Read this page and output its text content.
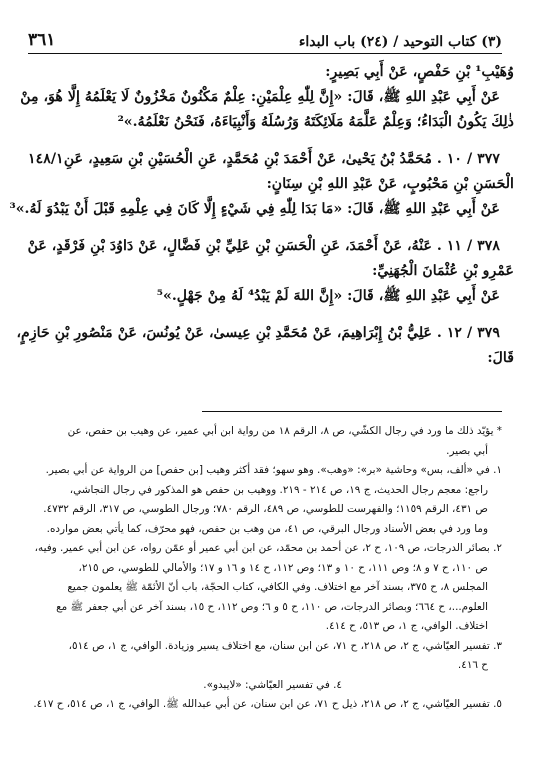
(٣) كتاب التوحيد / (٢٤) باب البداء
٣٦١
وُهَيْبِ¹ بْنِ حَفْصٍ، عَنْ أَبِي بَصِيرٍ:
عَنْ أَبِي عَبْدِ اللهِ ﷺ، قَالَ: «إِنَّ لِلّٰهِ عِلْمَيْنِ: عِلْمٌ مَكْنُونٌ مَخْزُونٌ لَا يَعْلَمُهُ إِلَّا هُوَ، مِنْ
ذٰلِكَ يَكُونُ الْبَدَاءُ؛ وَعِلْمٌ عَلَّمَهُ مَلَائِكَتَهُ وَرُسُلَهُ وَأَنْبِيَاءَهُ، فَنَحْنُ نَعْلَمُهُ.»²
٣٧٧ / ١٠ . مُحَمَّدُ بْنُ يَحْيىٰ، عَنْ أَحْمَدَ بْنِ مُحَمَّدٍ، عَنِ الْحُسَيْنِ بْنِ سَعِيدٍ، عَنِ
١٤٨/١
الْحَسَنِ بْنِ مَحْبُوبٍ، عَنْ عَبْدِ اللهِ بْنِ سِنَانٍ:
عَنْ أَبِي عَبْدِ اللهِ ﷺ، قَالَ: «مَا بَدَا لِلّٰهِ فِي شَيْءٍ إِلَّا كَانَ فِي عِلْمِهِ قَبْلَ أَنْ يَبْدُوَ لَهُ.»³
٣٧٨ / ١١ . عَنْهُ، عَنْ أَحْمَدَ، عَنِ الْحَسَنِ بْنِ عَلِيِّ بْنِ فَضَّالٍ، عَنْ دَاوُدَ بْنِ فَرْقَدٍ، عَنْ
عَمْرِو بْنِ عُثْمَانَ الْجُهَنِيِّ:
عَنْ أَبِي عَبْدِ اللهِ ﷺ، قَالَ: «إِنَّ اللهَ لَمْ يَبْدُ⁴ لَهُ مِنْ جَهْلٍ.»⁵
٣٧٩ / ١٢ . عَلِيُّ بْنُ إِبْرَاهِيمَ، عَنْ مُحَمَّدِ بْنِ عِيسىٰ، عَنْ يُونُسَ، عَنْ مَنْصُورِ بْنِ حَازِمٍ،
قَالَ:
* يؤيّد ذلك ما ورد في رجال الكشّي، ص ٨، الرقم ١٨ من رواية ابن أبي عمير، عن وهيب بن حفص، عن
أبي بصير.
١. في «ألف، بس» وحاشية «بر»: «وهب». وهو سهو؛ فقد أكثر وهيب [بن حفص] من الرواية عن أبي بصير.
راجع: معجم رجال الحديث، ج ١٩، ص ٢١٤ - ٢١٩. ووهيب بن حفص هو المذكور في رجال النجاشي،
ص ٤٣١، الرقم ١١٥٩؛ والفهرست للطوسي، ص ٤٨٩، الرقم ٧٨٠؛ ورجال الطوسي، ص ٣١٧، الرقم ٤٧٣٢.
وما ورد في بعض الأسناد ورجال البرقي، ص ٤١، من وهب بن حفص، فهو محرّف، كما يأتي بعض موارده.
٢. بصائر الدرجات، ص ١٠٩، ح ٢، عن أحمد بن محمّد، عن ابن أبي عمير أو عمّن رواه، عن ابن أبي عمير. وفيه،
ص ١١٠، ح ٧ و ٨؛ وص ١١١، ح ١٠ و ١٣؛ وص ١١٢، ح ١٤ و ١٦ و ١٧؛ والأمالي للطوسي، ص ٢١٥،
المجلس ٨، ح ٣٧٥، بسند آخر مع اختلاف. وفي الكافي، كتاب الحجّة، باب أنّ الأئمّة ﷺ يعلمون جميع
العلوم...، ح ٦٦٤؛ وبصائر الدرجات، ص ١١٠، ح ٥ و ٦؛ وص ١١٢، ح ١٥، بسند آخر عن أبي جعفر ﷺ مع
اختلاف. الوافي، ج ١، ص ٥١٣، ح ٤١٤.
٣. تفسير العيّاشي، ج ٢، ص ٢١٨، ح ٧١، عن ابن سنان، مع اختلاف يسير وزيادة. الوافي، ج ١، ص ٥١٤،
ح ٤١٦.
٤. في تفسير العيّاشي: «لايبدو».
٥. تفسير العيّاشي، ج ٢، ص ٢١٨، ذيل ح ٧١، عن ابن سنان، عن أبي عبدالله ﷺ. الوافي، ج ١، ص ٥١٤، ح ٤١٧.
